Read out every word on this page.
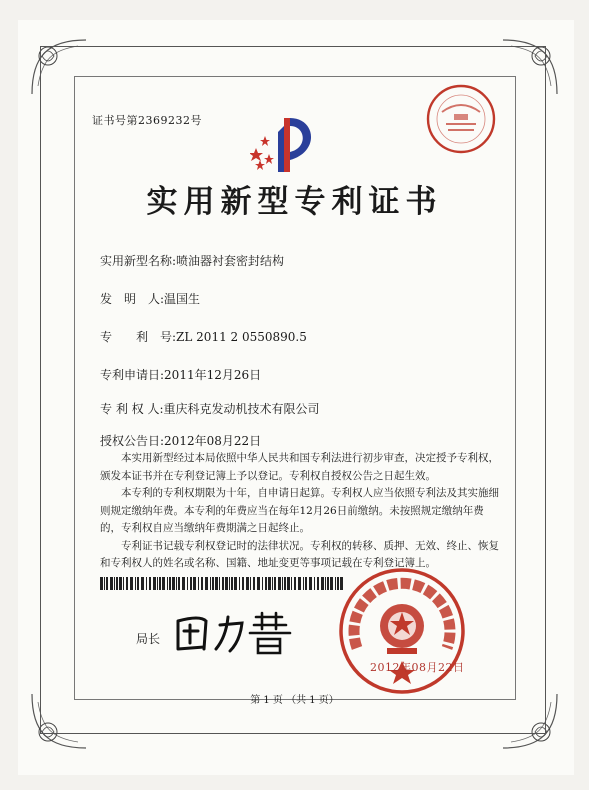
证书号第2369232号
实用新型专利证书
实用新型名称:喷油器衬套密封结构
发　明　人:温国生
专　　利　号:ZL 2011 2 0550890.5
专利申请日:2011年12月26日
专 利 权 人:重庆科克发动机技术有限公司
授权公告日:2012年08月22日

本实用新型经过本局依照中华人民共和国专利法进行初步审查，决定授予专利权，颁发本证书并在专利登记簿上予以登记。专利权自授权公告之日起生效。

本专利的专利权期限为十年，自申请日起算。专利权人应当依照专利法及其实施细则规定缴纳年费。本专利的年费应当在每年12月26日前缴纳。未按照规定缴纳年费的，专利权自应当缴纳年费期满之日起终止。

专利证书记载专利权登记时的法律状况。专利权的转移、质押、无效、终止、恢复和专利权人的姓名或名称、国籍、地址变更等事项记载在专利登记簿上。

局长
2012年08月22日
第 1 页 （共 1 页）
